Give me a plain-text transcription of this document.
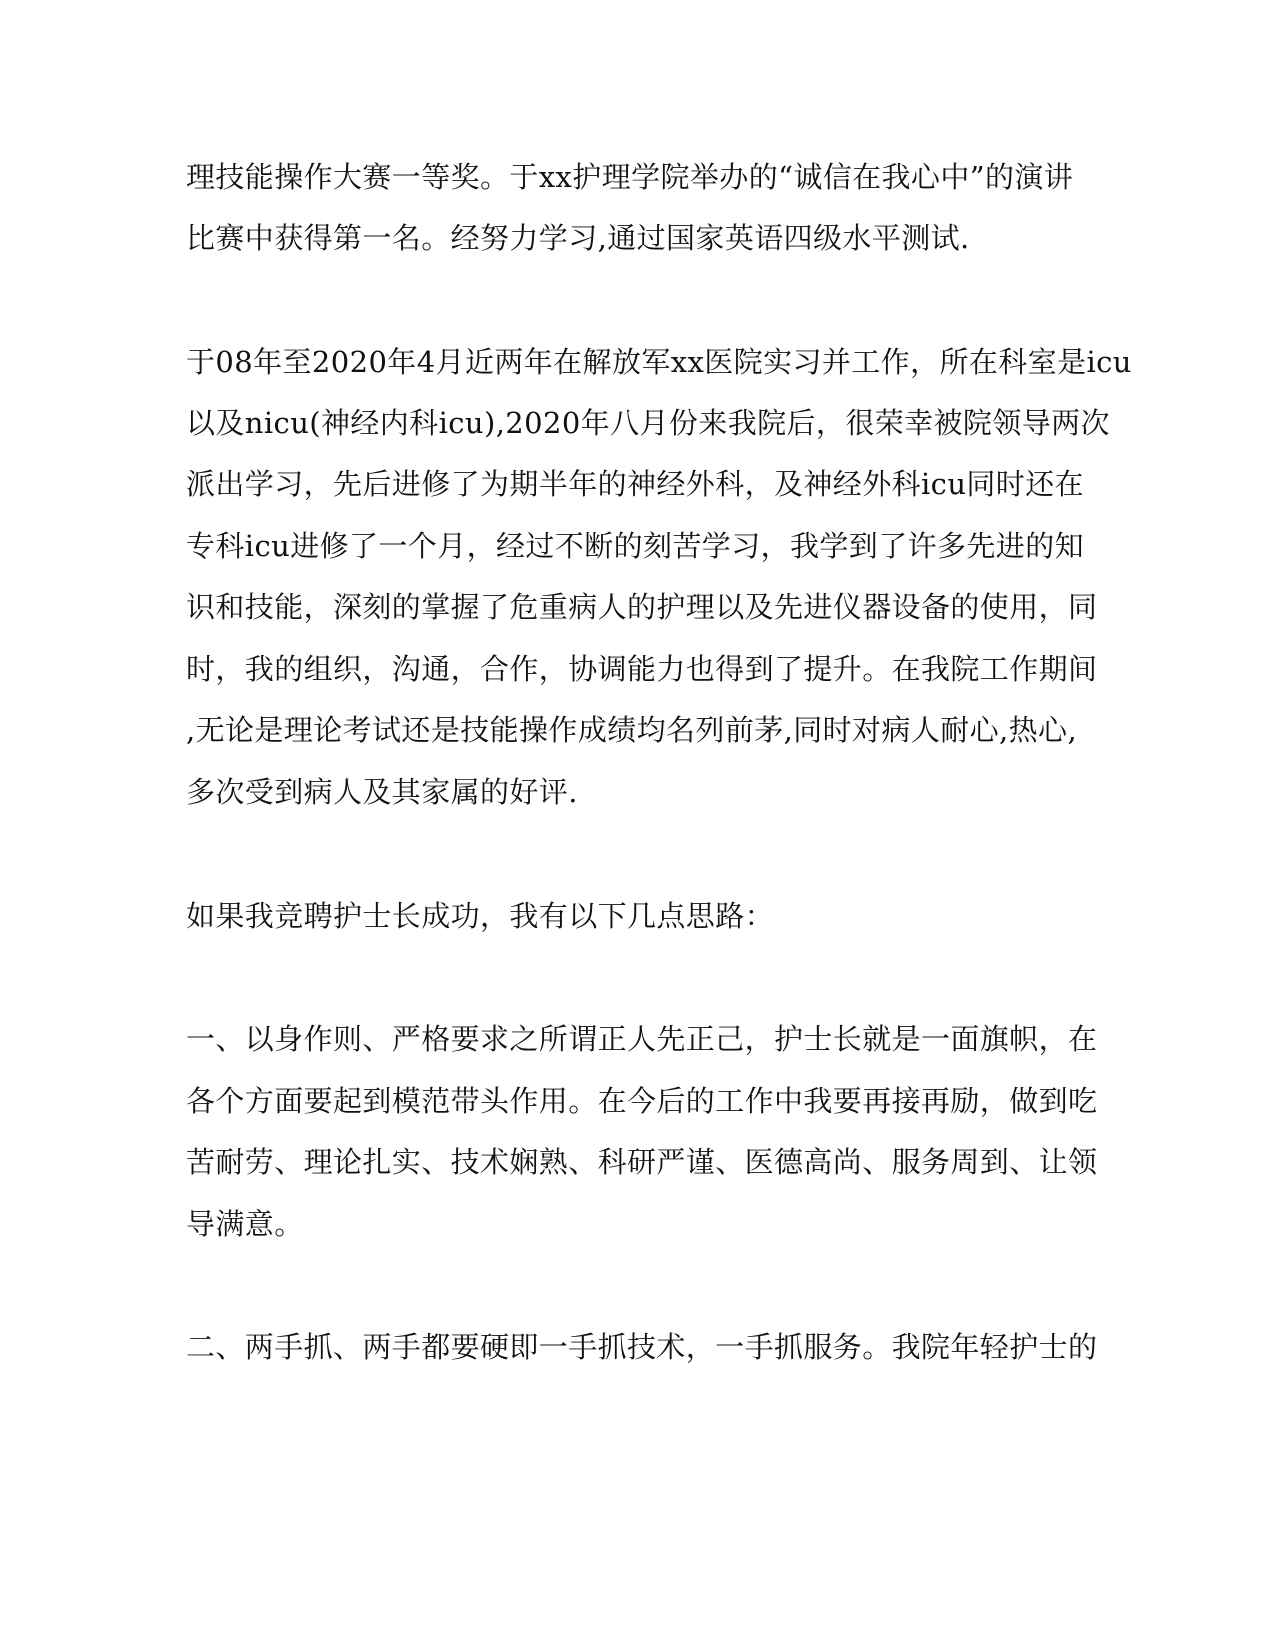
理技能操作大赛一等奖。于xx护理学院举办的“诚信在我心中”的演讲

比赛中获得第一名。经努力学习,通过国家英语四级水平测试.

于08年至2020年4月近两年在解放军xx医院实习并工作，所在科室是icu

以及nicu(神经内科icu),2020年八月份来我院后，很荣幸被院领导两次

派出学习，先后进修了为期半年的神经外科，及神经外科icu同时还在

专科icu进修了一个月，经过不断的刻苦学习，我学到了许多先进的知

识和技能，深刻的掌握了危重病人的护理以及先进仪器设备的使用，同

时，我的组织，沟通，合作，协调能力也得到了提升。在我院工作期间

,无论是理论考试还是技能操作成绩均名列前茅,同时对病人耐心,热心,

多次受到病人及其家属的好评.

如果我竞聘护士长成功，我有以下几点思路：

一、以身作则、严格要求之所谓正人先正己，护士长就是一面旗帜，在

各个方面要起到模范带头作用。在今后的工作中我要再接再励，做到吃

苦耐劳、理论扎实、技术娴熟、科研严谨、医德高尚、服务周到、让领

导满意。

二、两手抓、两手都要硬即一手抓技术，一手抓服务。我院年轻护士的
